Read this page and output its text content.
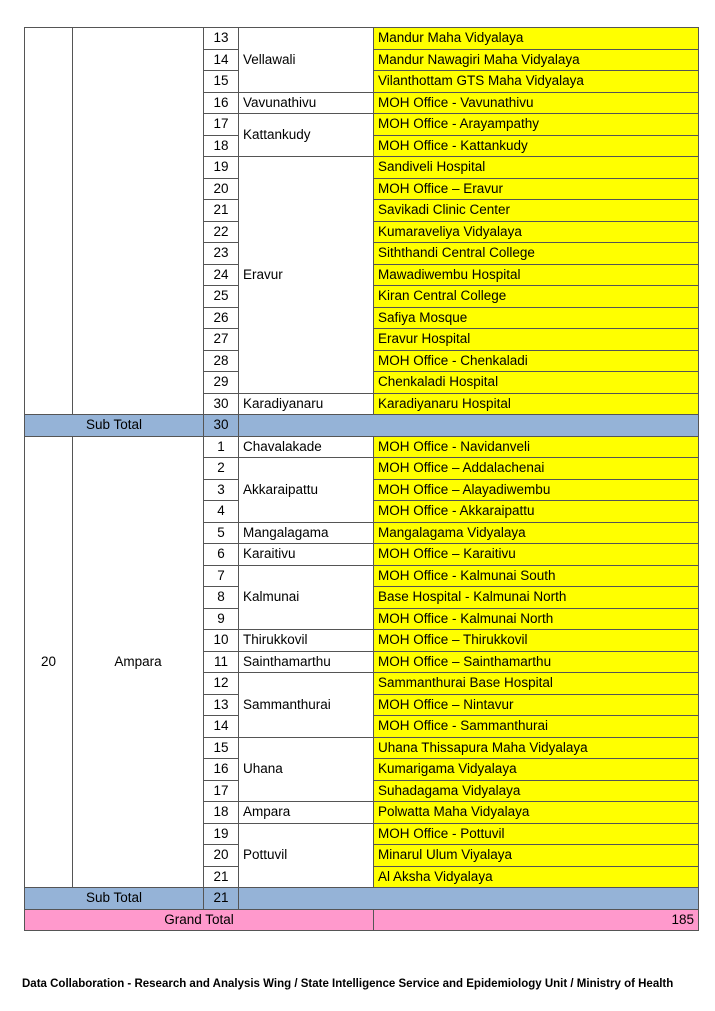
		13	Vellawali	Mandur Maha Vidyalaya
		14		Mandur Nawagiri Maha Vidyalaya
		15		Vilanthottam GTS Maha Vidyalaya
		16	Vavunathivu	MOH Office - Vavunathivu
		17	Kattankudy	MOH Office - Arayampathy
		18		MOH Office - Kattankudy
		19	Eravur	Sandiveli Hospital
		20		MOH Office – Eravur
		21		Savikadi Clinic Center
		22		Kumaraveliya Vidyalaya
		23		Siththandi Central College
		24		Mawadiwembu Hospital
		25		Kiran Central College
		26		Safiya Mosque
		27		Eravur Hospital
		28		MOH Office - Chenkaladi
		29		Chenkaladi Hospital
		30	Karadiyanaru	Karadiyanaru Hospital
Sub Total		30		
20	Ampara	1	Chavalakade	MOH Office - Navidanveli
		2	Akkaraipattu	MOH Office – Addalachenai
		3		MOH Office – Alayadiwembu
		4		MOH Office - Akkaraipattu
		5	Mangalagama	Mangalagama Vidyalaya
		6	Karaitivu	MOH Office – Karaitivu
		7	Kalmunai	MOH Office - Kalmunai South
		8		Base Hospital - Kalmunai North
		9		MOH Office - Kalmunai North
		10	Thirukkovil	MOH Office – Thirukkovil
		11	Sainthamarthu	MOH Office – Sainthamarthu
		12	Sammanthurai	Sammanthurai Base Hospital
		13		MOH Office – Nintavur
		14		MOH Office - Sammanthurai
		15	Uhana	Uhana Thissapura Maha Vidyalaya
		16		Kumarigama Vidyalaya
		17		Suhadagama Vidyalaya
		18	Ampara	Polwatta Maha Vidyalaya
		19	Pottuvil	MOH Office - Pottuvil
		20		Minarul Ulum Viyalaya
		21		Al Aksha Vidyalaya
Sub Total		21		
Grand Total				185
Data Collaboration - Research and Analysis Wing / State Intelligence Service and Epidemiology Unit / Ministry of Health
